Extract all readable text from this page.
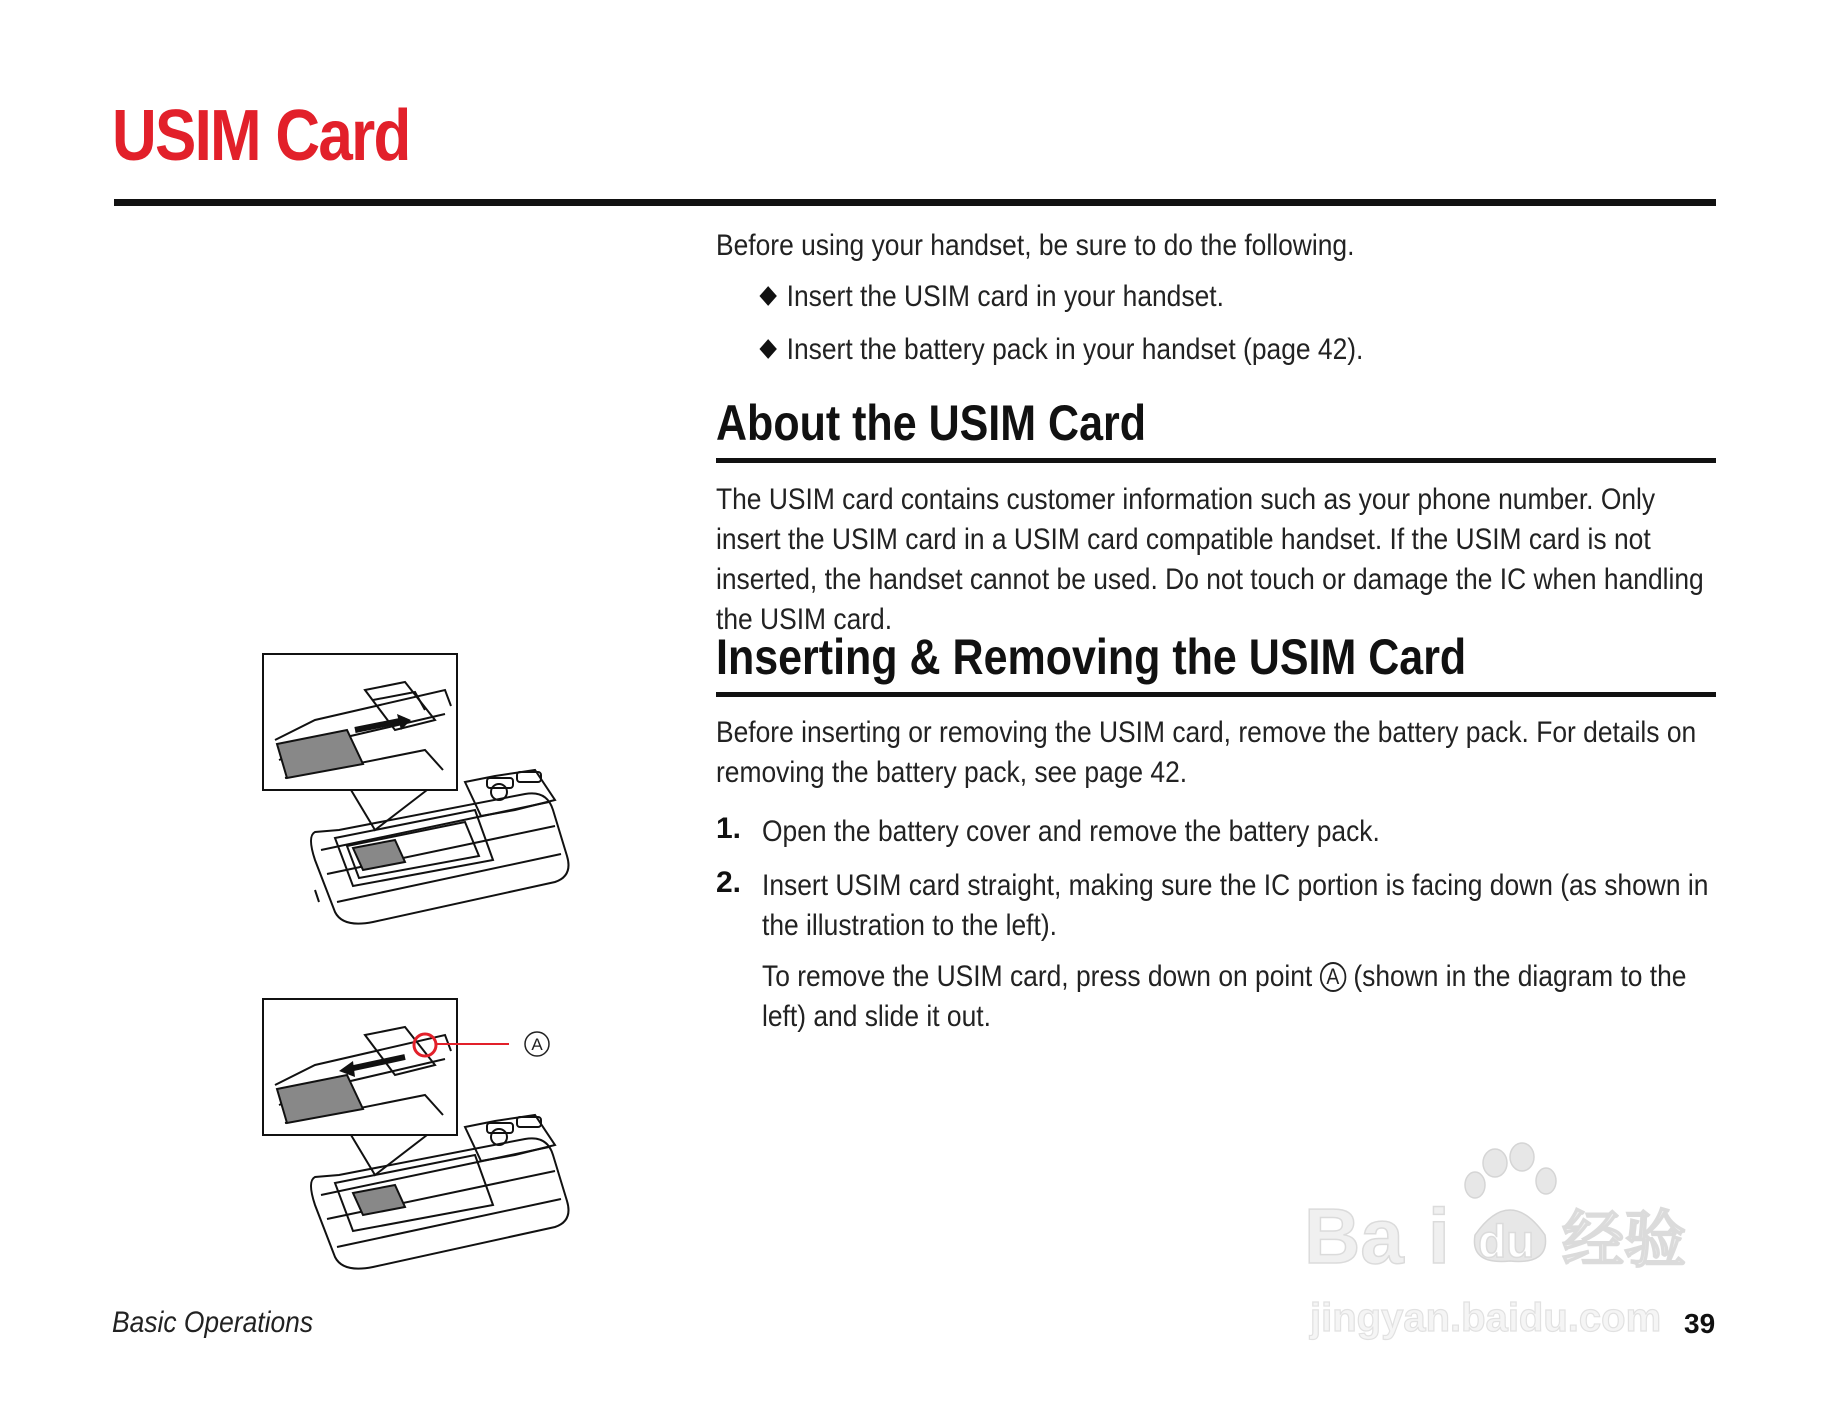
USIM Card

Before using your handset, be sure to do the following.

Insert the USIM card in your handset.
Insert the battery pack in your handset (page 42).
About the USIM Card

The USIM card contains customer information such as your phone number. Only insert the USIM card in a USIM card compatible handset. If the USIM card is not inserted, the handset cannot be used. Do not touch or damage the IC when handling the USIM card.

Inserting & Removing the USIM Card

Before inserting or removing the USIM card, remove the battery pack. For details on removing the battery pack, see page 42.

1. Open the battery cover and remove the battery pack.

2. Insert USIM card straight, making sure the IC portion is facing down (as shown in the illustration to the left).

To remove the USIM card, press down on point A (shown in the diagram to the left) and slide it out.

A
Basic Operations	39
Ba i du 经验
jingyan.baidu.com
